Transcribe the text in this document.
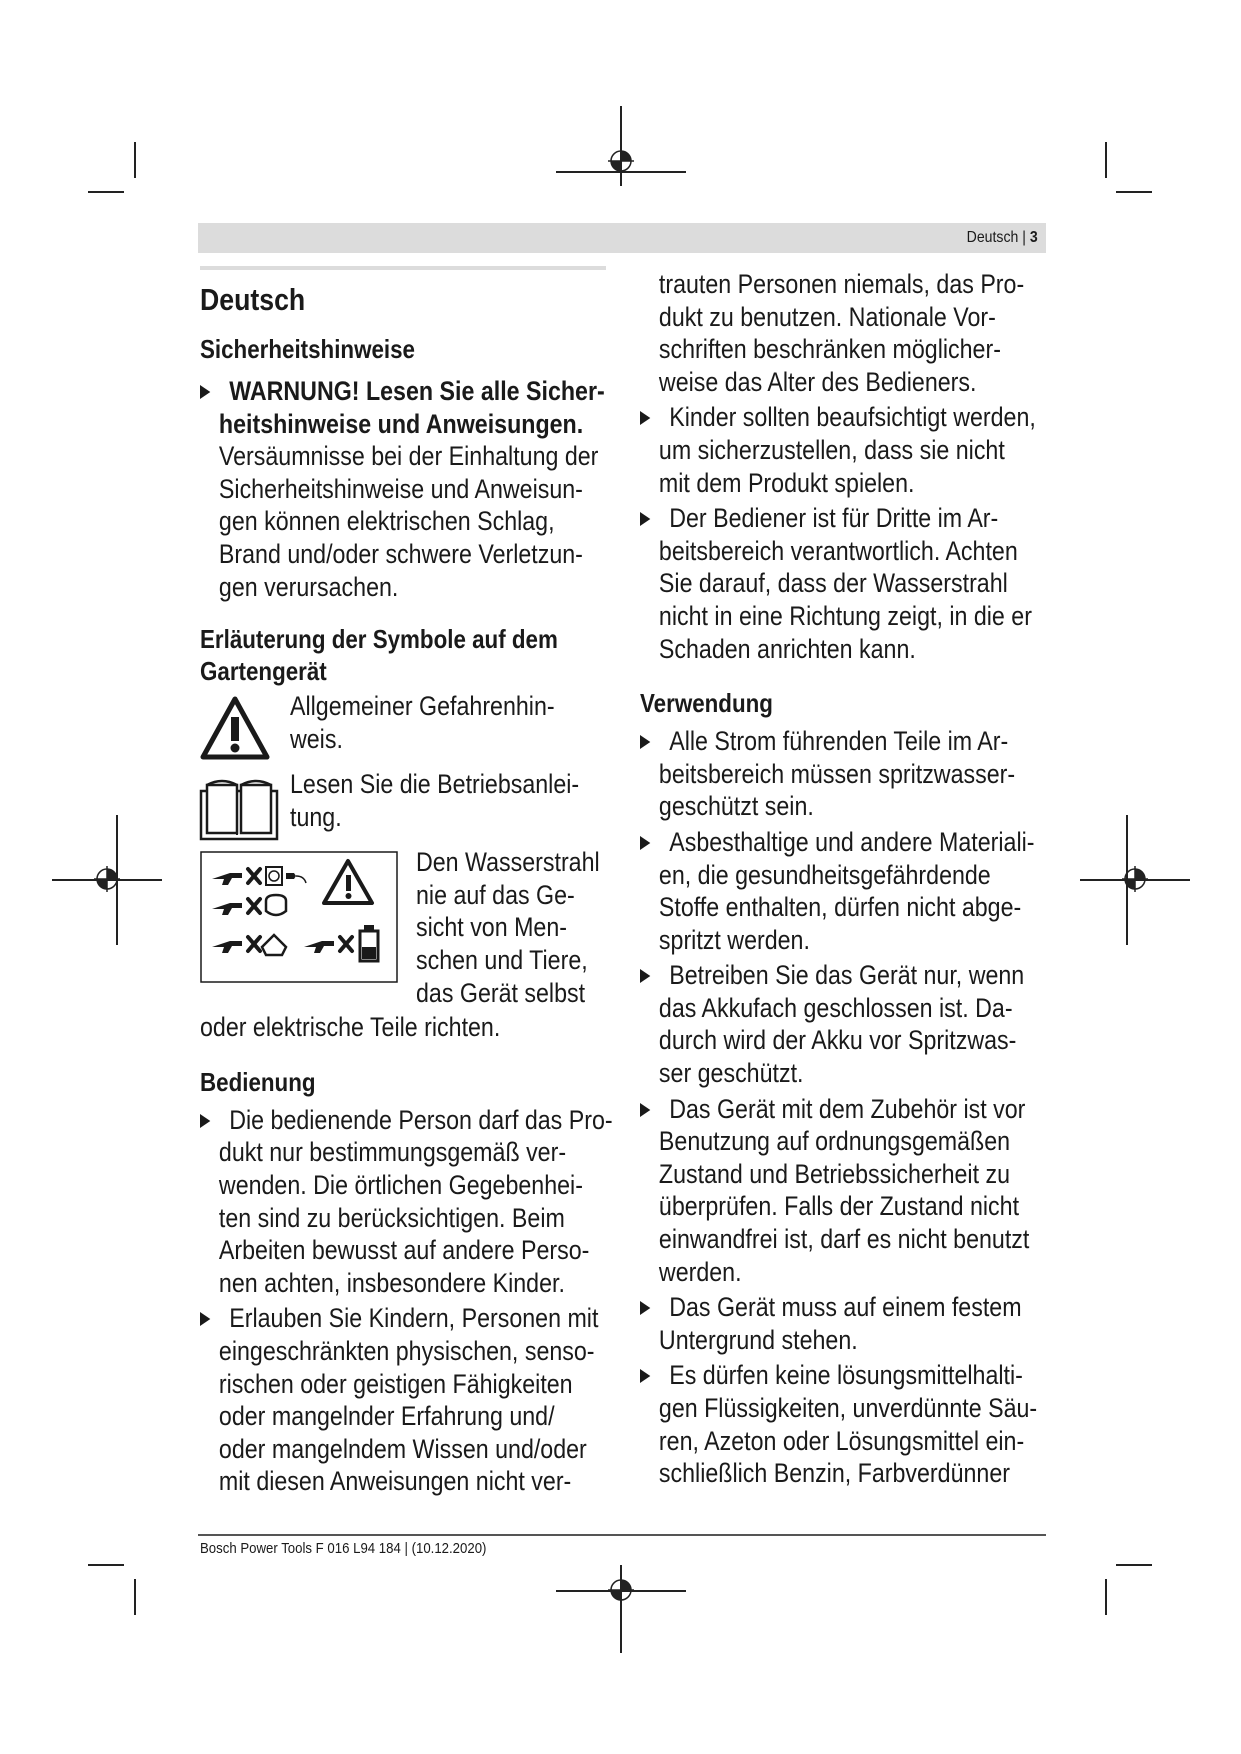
Deutsch | 3
Deutsch
Sicherheitshinweise
WARNUNG! Lesen Sie alle Sicher-
heitshinweise und Anweisungen.
Versäumnisse bei der Einhaltung der
Sicherheitshinweise und Anweisun-
gen können elektrischen Schlag,
Brand und/oder schwere Verletzun-
gen verursachen.
Erläuterung der Symbole auf dem
Gartengerät
Allgemeiner Gefahrenhin-
weis.
Lesen Sie die Betriebsanlei-
tung.
Den Wasserstrahl
nie auf das Ge-
sicht von Men-
schen und Tiere,
das Gerät selbst
oder elektrische Teile richten.
Bedienung
Die bedienende Person darf das Pro-
dukt nur bestimmungsgemäß ver-
wenden. Die örtlichen Gegebenhei-
ten sind zu berücksichtigen. Beim
Arbeiten bewusst auf andere Perso-
nen achten, insbesondere Kinder.
Erlauben Sie Kindern, Personen mit
eingeschränkten physischen, senso-
rischen oder geistigen Fähigkeiten
oder mangelnder Erfahrung und/
oder mangelndem Wissen und/oder
mit diesen Anweisungen nicht ver-
trauten Personen niemals, das Pro-
dukt zu benutzen. Nationale Vor-
schriften beschränken möglicher-
weise das Alter des Bedieners.
Kinder sollten beaufsichtigt werden,
um sicherzustellen, dass sie nicht
mit dem Produkt spielen.
Der Bediener ist für Dritte im Ar-
beitsbereich verantwortlich. Achten
Sie darauf, dass der Wasserstrahl
nicht in eine Richtung zeigt, in die er
Schaden anrichten kann.
Verwendung
Alle Strom führenden Teile im Ar-
beitsbereich müssen spritzwasser-
geschützt sein.
Asbesthaltige und andere Materiali-
en, die gesundheitsgefährdende
Stoffe enthalten, dürfen nicht abge-
spritzt werden.
Betreiben Sie das Gerät nur, wenn
das Akkufach geschlossen ist. Da-
durch wird der Akku vor Spritzwas-
ser geschützt.
Das Gerät mit dem Zubehör ist vor
Benutzung auf ordnungsgemäßen
Zustand und Betriebssicherheit zu
überprüfen. Falls der Zustand nicht
einwandfrei ist, darf es nicht benutzt
werden.
Das Gerät muss auf einem festem
Untergrund stehen.
Es dürfen keine lösungsmittelhalti-
gen Flüssigkeiten, unverdünnte Säu-
ren, Azeton oder Lösungsmittel ein-
schließlich Benzin, Farbverdünner
Bosch Power Tools F 016 L94 184 | (10.12.2020)
